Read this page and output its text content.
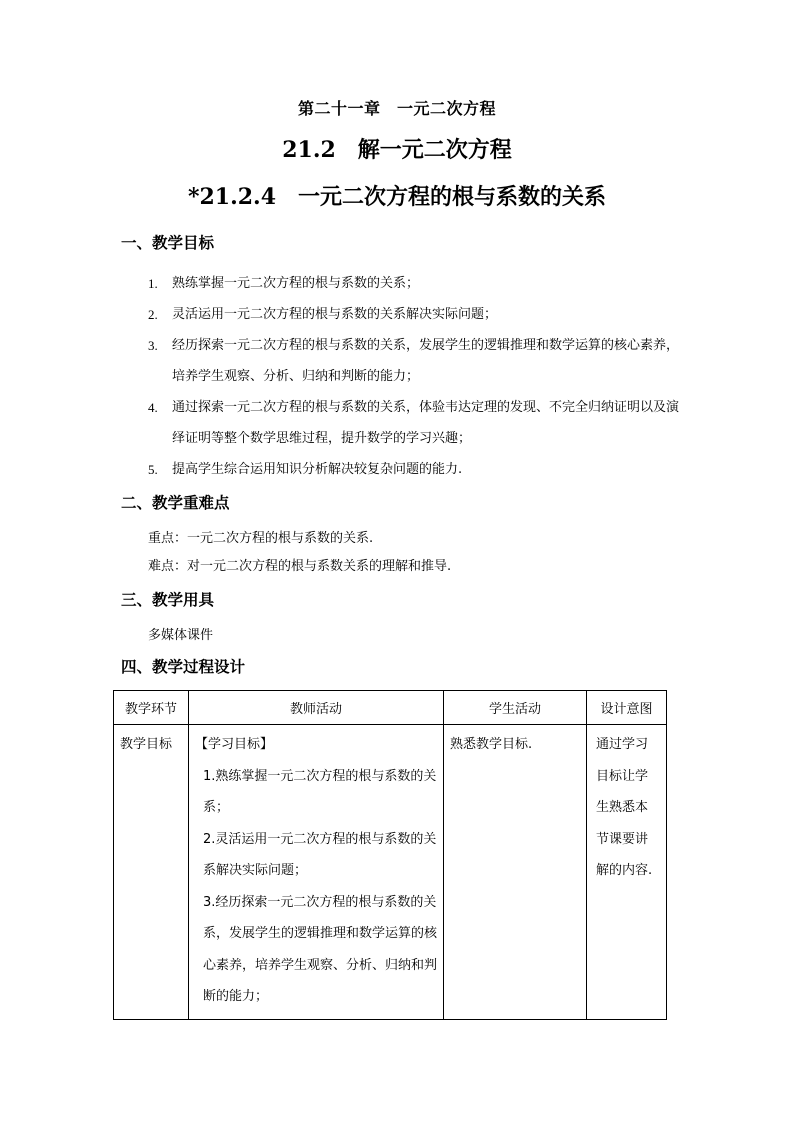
第二十一章　一元二次方程
21.2　解一元二次方程
*21.2.4　一元二次方程的根与系数的关系
一、教学目标
1. 熟练掌握一元二次方程的根与系数的关系；
2. 灵活运用一元二次方程的根与系数的关系解决实际问题；
3. 经历探索一元二次方程的根与系数的关系，发展学生的逻辑推理和数学运算的核心素养，培养学生观察、分析、归纳和判断的能力；
4. 通过探索一元二次方程的根与系数的关系，体验韦达定理的发现、不完全归纳证明以及演绎证明等整个数学思维过程，提升数学的学习兴趣；
5. 提高学生综合运用知识分析解决较复杂问题的能力.
二、教学重难点
重点：一元二次方程的根与系数的关系.
难点：对一元二次方程的根与系数关系的理解和推导.
三、教学用具
多媒体课件
四、教学过程设计
教学环节	教师活动	学生活动	设计意图

教学目标	【学习目标】
1.熟练掌握一元二次方程的根与系数的关系；
2.灵活运用一元二次方程的根与系数的关系解决实际问题；
3.经历探索一元二次方程的根与系数的关系，发展学生的逻辑推理和数学运算的核心素养，培养学生观察、分析、归纳和判断的能力；	熟悉教学目标.	通过学习目标让学生熟悉本节课要讲解的内容.
